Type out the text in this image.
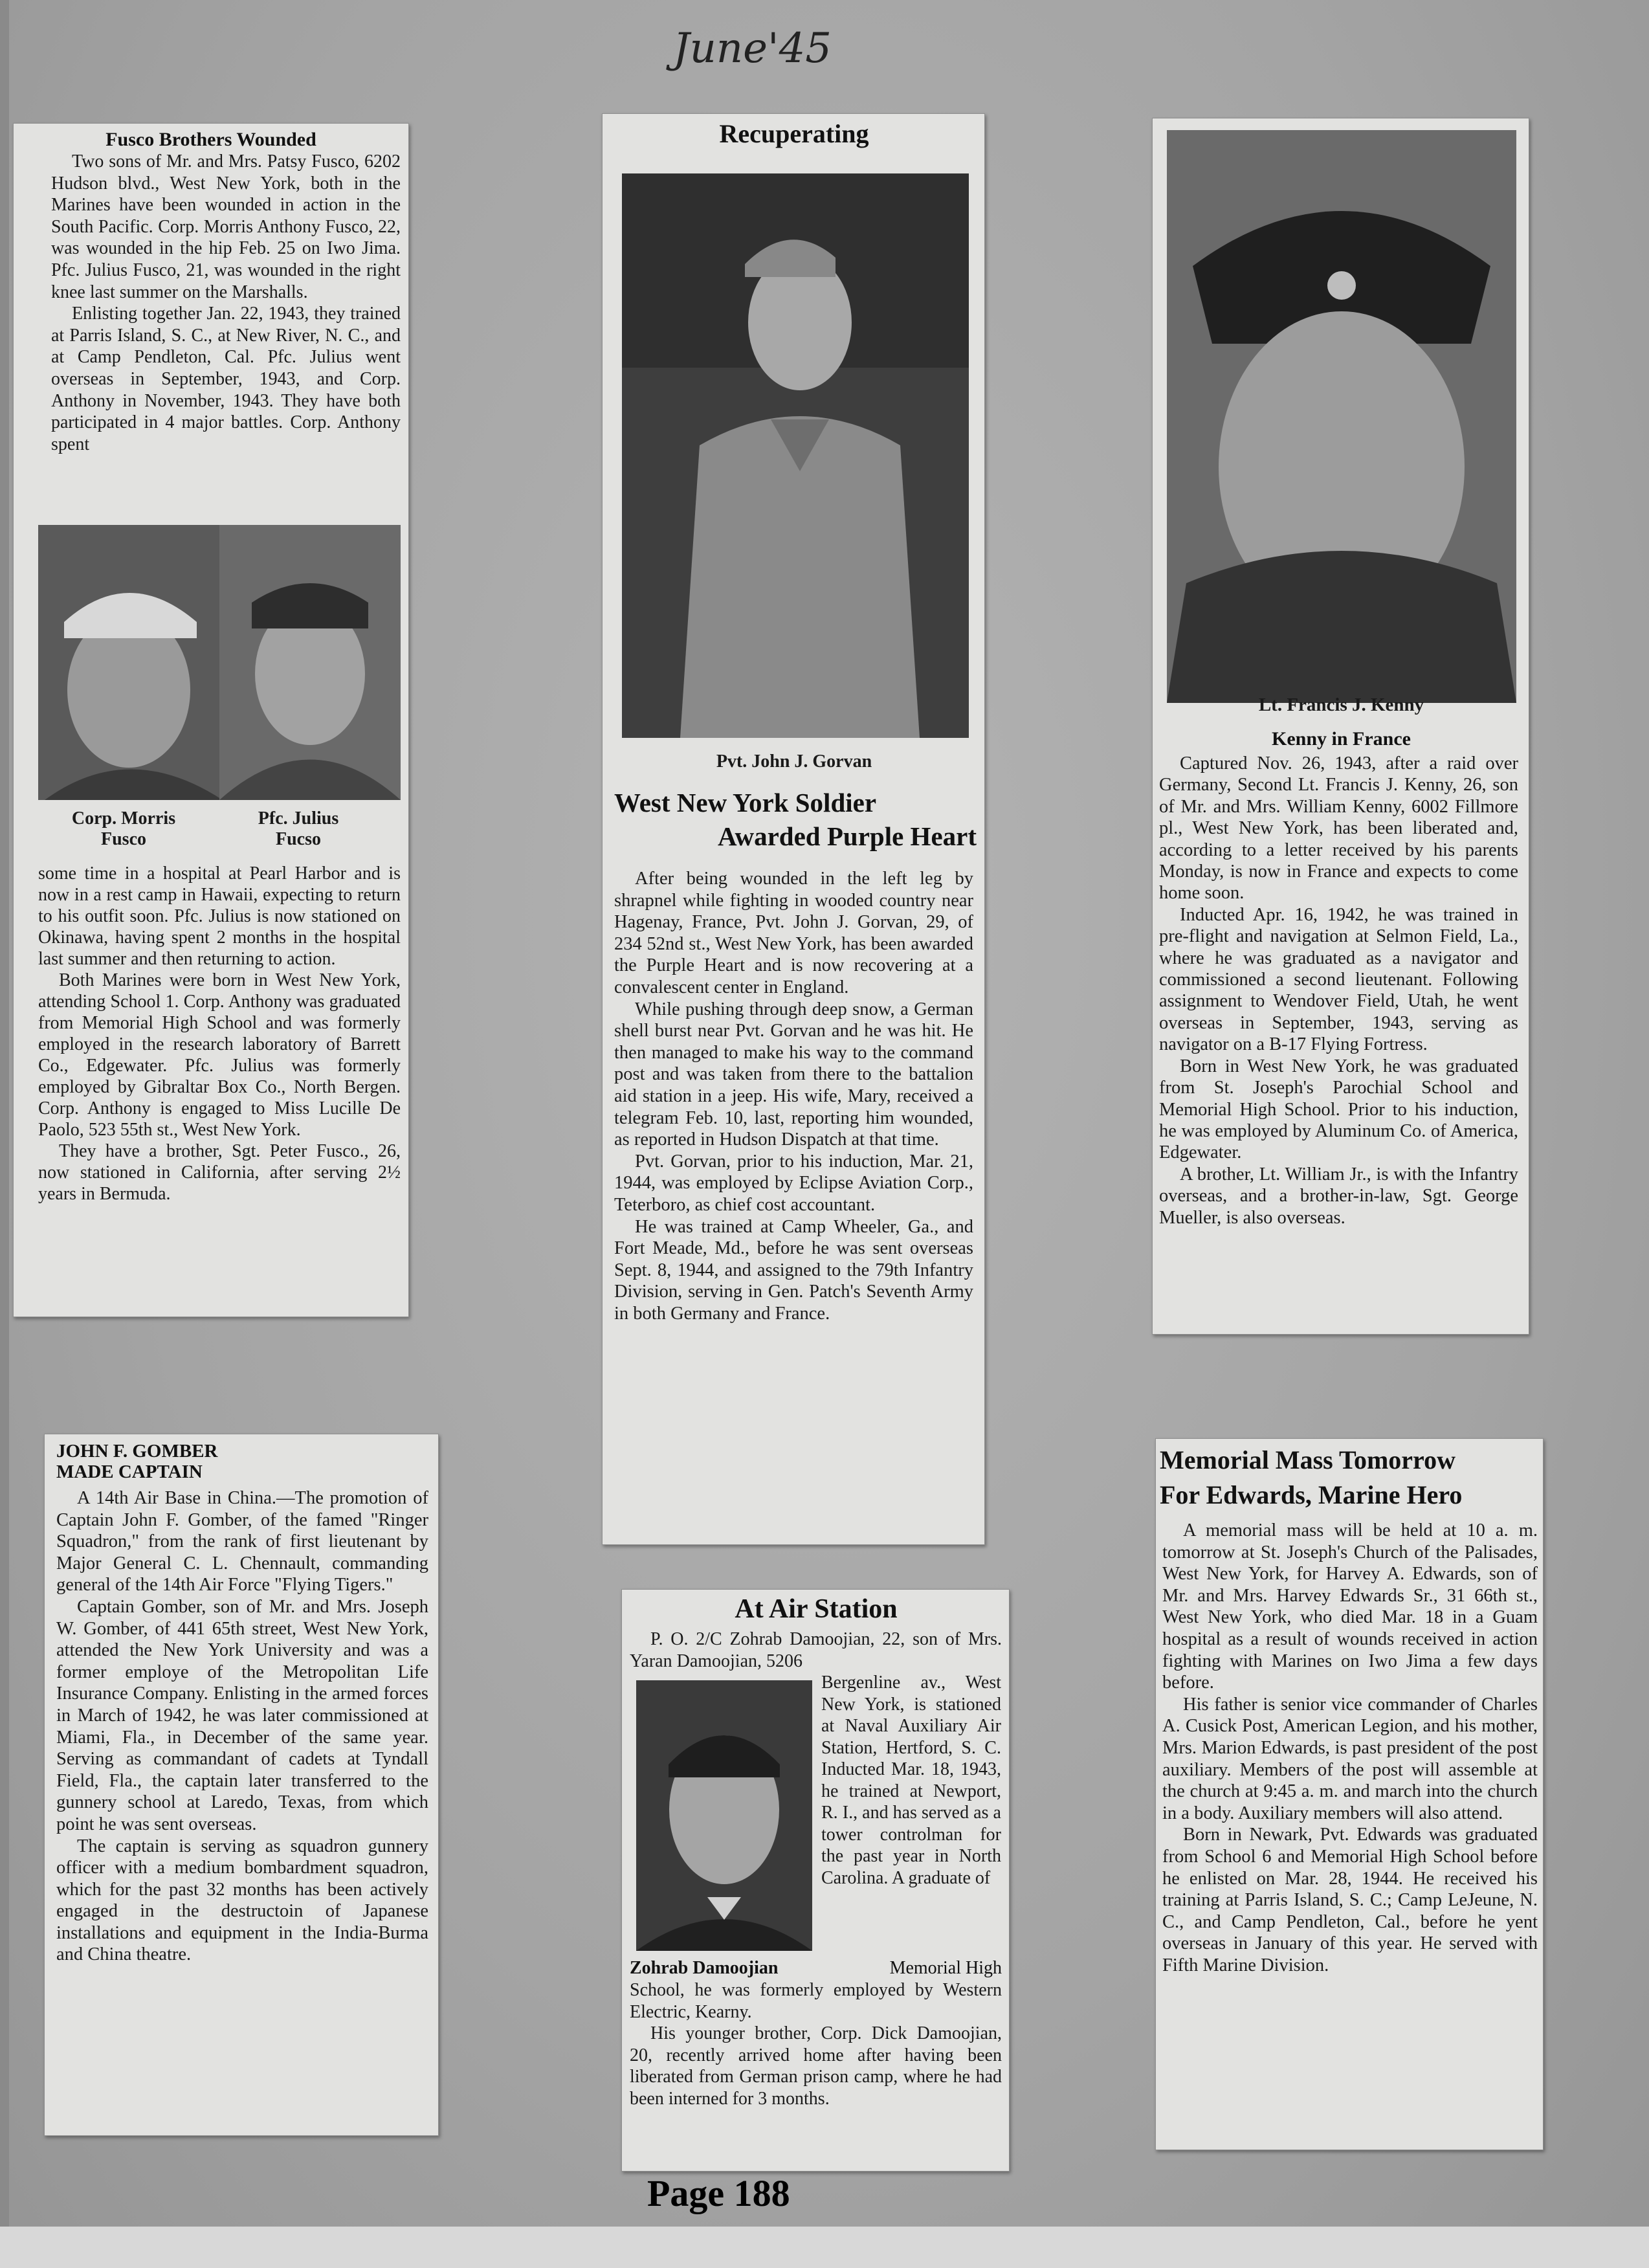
June'45
Fusco Brothers Wounded

Two sons of Mr. and Mrs. Patsy Fusco, 6202 Hudson blvd., West New York, both in the Marines have been wounded in action in the South Pacific. Corp. Morris Anthony Fusco, 22, was wounded in the hip Feb. 25 on Iwo Jima. Pfc. Julius Fusco, 21, was wounded in the right knee last summer on the Marshalls.

Enlisting together Jan. 22, 1943, they trained at Parris Island, S. C., at New River, N. C., and at Camp Pendleton, Cal. Pfc. Julius went overseas in September, 1943, and Corp. Anthony in November, 1943. They have both participated in 4 major battles. Corp. Anthony spent

Corp. Morris Fusco
Pfc. Julius Fucso

some time in a hospital at Pearl Harbor and is now in a rest camp in Hawaii, expecting to return to his outfit soon. Pfc. Julius is now stationed on Okinawa, having spent 2 months in the hospital last summer and then returning to action.

Both Marines were born in West New York, attending School 1. Corp. Anthony was graduated from Memorial High School and was formerly employed in the research laboratory of Barrett Co., Edgewater. Pfc. Julius was formerly employed by Gibraltar Box Co., North Bergen. Corp. Anthony is engaged to Miss Lucille De Paolo, 523 55th st., West New York.

They have a brother, Sgt. Peter Fusco., 26, now stationed in California, after serving 2½ years in Bermuda.

Recuperating
Pvt. John J. Gorvan
West New York Soldier
Awarded Purple Heart

After being wounded in the left leg by shrapnel while fighting in wooded country near Hagenay, France, Pvt. John J. Gorvan, 29, of 234 52nd st., West New York, has been awarded the Purple Heart and is now recovering at a convalescent center in England.

While pushing through deep snow, a German shell burst near Pvt. Gorvan and he was hit. He then managed to make his way to the command post and was taken from there to the battalion aid station in a jeep. His wife, Mary, received a telegram Feb. 10, last, reporting him wounded, as reported in Hudson Dispatch at that time.

Pvt. Gorvan, prior to his induction, Mar. 21, 1944, was employed by Eclipse Aviation Corp., Teterboro, as chief cost accountant.

He was trained at Camp Wheeler, Ga., and Fort Meade, Md., before he was sent overseas Sept. 8, 1944, and assigned to the 79th Infantry Division, serving in Gen. Patch's Seventh Army in both Germany and France.

Lt. Francis J. Kenny
Kenny in France

Captured Nov. 26, 1943, after a raid over Germany, Second Lt. Francis J. Kenny, 26, son of Mr. and Mrs. William Kenny, 6002 Fillmore pl., West New York, has been liberated and, according to a letter received by his parents Monday, is now in France and expects to come home soon.

Inducted Apr. 16, 1942, he was trained in pre-flight and navigation at Selmon Field, La., where he was graduated as a navigator and commissioned a second lieutenant. Following assignment to Wendover Field, Utah, he went overseas in September, 1943, serving as navigator on a B-17 Flying Fortress.

Born in West New York, he was graduated from St. Joseph's Parochial School and Memorial High School. Prior to his induction, he was employed by Aluminum Co. of America, Edgewater.

A brother, Lt. William Jr., is with the Infantry overseas, and a brother-in-law, Sgt. George Mueller, is also overseas.

JOHN F. GOMBER
MADE CAPTAIN

A 14th Air Base in China.—The promotion of Captain John F. Gomber, of the famed "Ringer Squadron," from the rank of first lieutenant by Major General C. L. Chennault, commanding general of the 14th Air Force "Flying Tigers."

Captain Gomber, son of Mr. and Mrs. Joseph W. Gomber, of 441 65th street, West New York, attended the New York University and was a former employe of the Metropolitan Life Insurance Company. Enlisting in the armed forces in March of 1942, he was later commissioned at Miami, Fla., in December of the same year. Serving as commandant of cadets at Tyndall Field, Fla., the captain later transferred to the gunnery school at Laredo, Texas, from which point he was sent overseas.

The captain is serving as squadron gunnery officer with a medium bombardment squadron, which for the past 32 months has been actively engaged in the destructoin of Japanese installations and equipment in the India-Burma and China theatre.

At Air Station
P. O. 2/C Zohrab Damoojian, 22, son of Mrs. Yaran Damoojian, 5206
Bergenline av., West New York, is stationed at Naval Auxiliary Air Station, Hertford, S. C. Inducted Mar. 18, 1943, he trained at Newport, R. I., and has served as a tower controlman for the past year in North Carolina. A graduate of
Zohrab Damoojian	Memorial High

School, he was formerly employed by Western Electric, Kearny.

His younger brother, Corp. Dick Damoojian, 20, recently arrived home after having been liberated from German prison camp, where he had been interned for 3 months.

Memorial Mass Tomorrow
For Edwards, Marine Hero

A memorial mass will be held at 10 a. m. tomorrow at St. Joseph's Church of the Palisades, West New York, for Harvey A. Edwards, son of Mr. and Mrs. Harvey Edwards Sr., 31 66th st., West New York, who died Mar. 18 in a Guam hospital as a result of wounds received in action fighting with Marines on Iwo Jima a few days before.

His father is senior vice commander of Charles A. Cusick Post, American Legion, and his mother, Mrs. Marion Edwards, is past president of the post auxiliary. Members of the post will assemble at the church at 9:45 a. m. and march into the church in a body. Auxiliary members will also attend.

Born in Newark, Pvt. Edwards was graduated from School 6 and Memorial High School before he enlisted on Mar. 28, 1944. He received his training at Parris Island, S. C.; Camp LeJeune, N. C., and Camp Pendleton, Cal., before he yent overseas in January of this year. He served with Fifth Marine Division.

Page 188
